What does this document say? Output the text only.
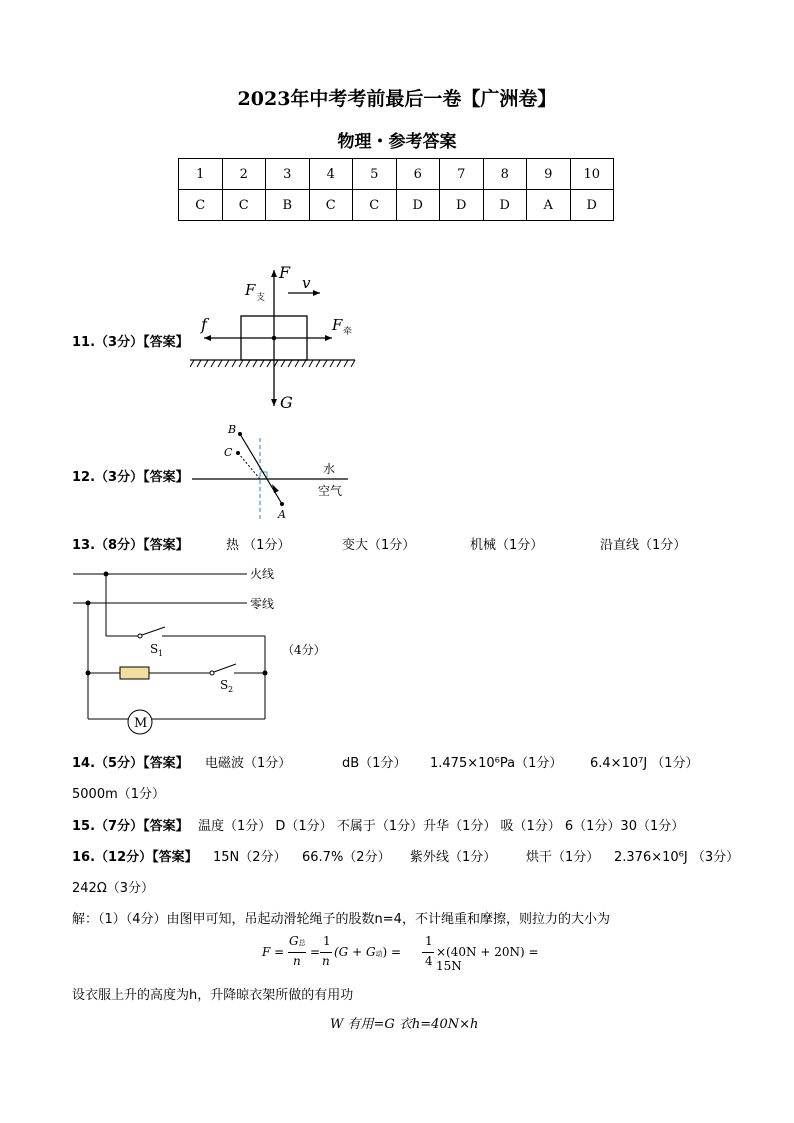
2023年中考考前最后一卷【广洲卷】
物理・参考答案
1	2	3	4	5	6	7	8	9	10
C	C	B	C	C	D	D	D	A	D
11.（3分）【答案】
F
v
F 支
f	F 牵
G
12.（3分）【答案】
B
C
A
水
空气
13.（8分）【答案】	热 （1分）	变大（1分）	机械（1分）	沿直线（1分）
火线
零线
S 1
S 2
M
（4分）
14.（5分）【答案】 电磁波（1分）	dB（1分） 1.475×10⁶Pa（1分） 6.4×10⁷J （1分）
5000m（1分）
15.（7分）【答案】 温度（1分） D（1分） 不属于（1分）升华（1分） 吸（1分） 6（1分）30（1分）
16.（12分）【答案】 15N（2分） 66.7%（2分） 紫外线（1分） 烘干（1分） 2.376×10⁶J （3分）
242Ω（3分）
解：（1）（4分）由图甲可知，吊起动滑轮绳子的股数n=4，不计绳重和摩擦，则拉力的大小为
F =
G总
n
=
1
n
(G + G动) =
1
4
×(40N + 20N) = 15N
设衣服上升的高度为h，升降晾衣架所做的有用功
W 有用=G 衣h=40N×h
